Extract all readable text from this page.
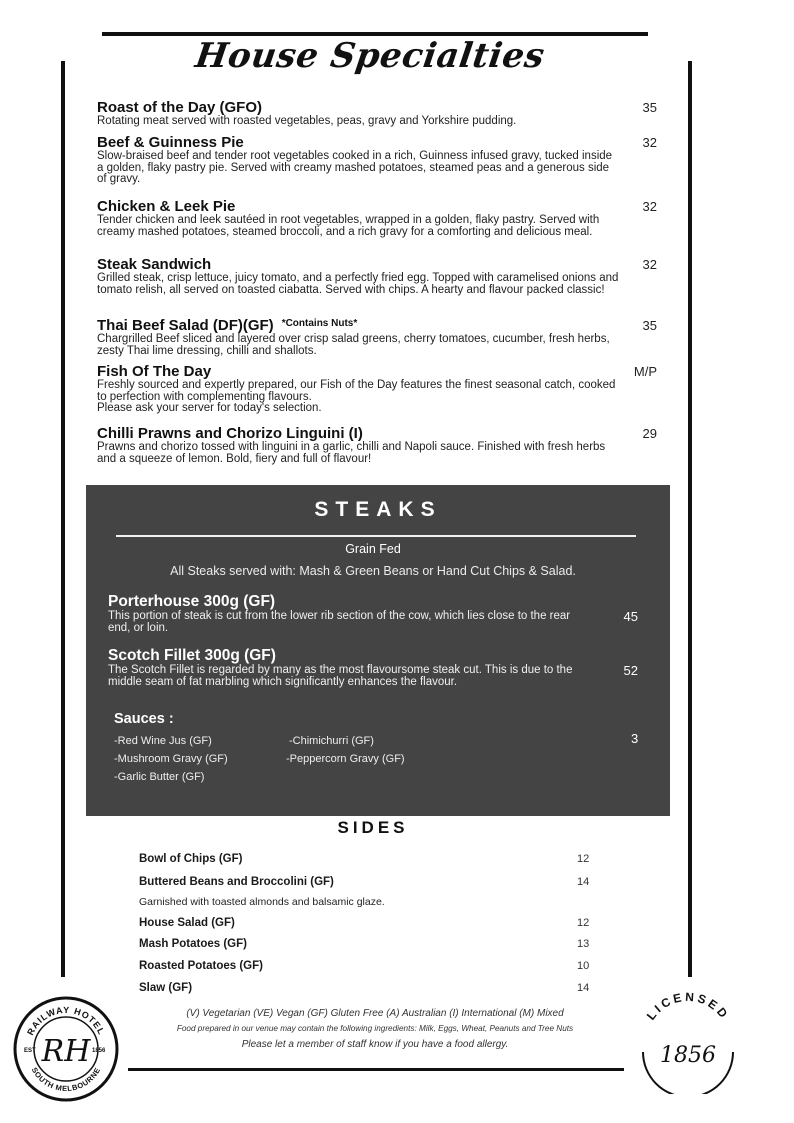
House Specialties
Roast of the Day (GFO)
Rotating meat served with roasted vegetables, peas, gravy and Yorkshire pudding.
35
Beef & Guinness Pie
Slow-braised beef and tender root vegetables cooked in a rich, Guinness infused gravy, tucked inside a golden, flaky pastry pie. Served with creamy mashed potatoes, steamed peas and a generous side of gravy.
32
Chicken & Leek Pie
Tender chicken and leek sautéed in root vegetables, wrapped in a golden, flaky pastry. Served with creamy mashed potatoes, steamed broccoli, and a rich gravy for a comforting and delicious meal.
32
Steak Sandwich
Grilled steak, crisp lettuce, juicy tomato, and a perfectly fried egg. Topped with caramelised onions and tomato relish, all served on toasted ciabatta. Served with chips. A hearty and flavour packed classic!
32
Thai Beef Salad (DF)(GF) $^{*Contains Nuts*}$
Chargrilled Beef sliced and layered over crisp salad greens, cherry tomatoes, cucumber, fresh herbs, zesty Thai lime dressing, chilli and shallots.
35
Fish Of The Day
Freshly sourced and expertly prepared, our Fish of the Day features the finest seasonal catch, cooked to perfection with complementing flavours.
Please ask your server for today's selection.
M/P
Chilli Prawns and Chorizo Linguini (I)
Prawns and chorizo tossed with linguini in a garlic, chilli and Napoli sauce. Finished with fresh herbs and a squeeze of lemon. Bold, fiery and full of flavour!
29
STEAKS
Grain Fed
All Steaks served with: Mash & Green Beans or Hand Cut Chips & Salad.
Porterhouse 300g (GF)
This portion of steak is cut from the lower rib section of the cow, which lies close to the rear end, or loin.
45
Scotch Fillet 300g (GF)
The Scotch Fillet is regarded by many as the most flavoursome steak cut. This is due to the middle seam of fat marbling which significantly enhances the flavour.
52
Sauces :
3
-Red Wine Jus (GF)	-Chimichurri (GF)
-Mushroom Gravy (GF)	-Peppercorn Gravy (GF)
-Garlic Butter (GF)
SIDES
Bowl of Chips (GF)	12
Buttered Beans and Broccolini (GF)	14
Garnished with toasted almonds and balsamic glaze.
House Salad (GF)	12
Mash Potatoes (GF)	13
Roasted Potatoes (GF)	10
Slaw (GF)	14
(V) Vegetarian (VE) Vegan (GF) Gluten Free (A) Australian (I) International (M) Mixed
Food prepared in our venue may contain the following ingredients: Milk, Eggs, Wheat, Peanuts and Tree Nuts
Please let a member of staff know if you have a food allergy.
RAILWAY HOTEL
SOUTH MELBOURNE
EST	1856
RH
LICENSED
1856
